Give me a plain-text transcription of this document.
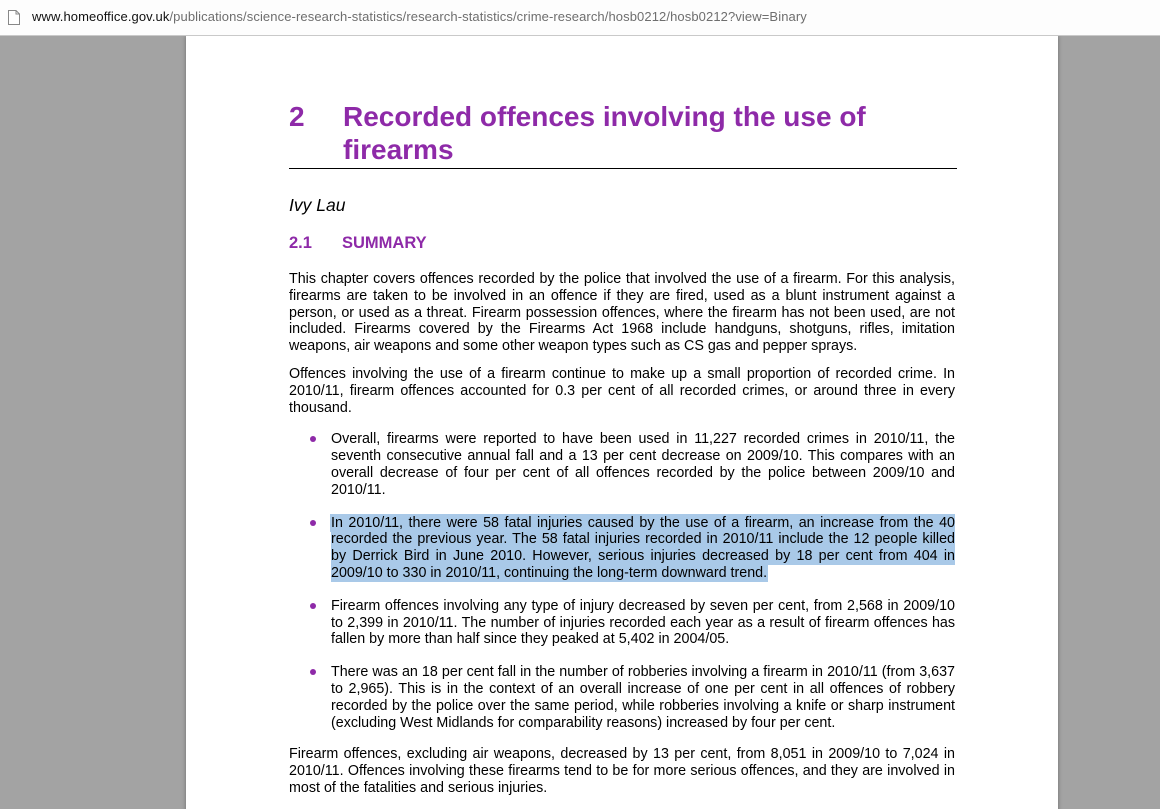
www.homeoffice.gov.uk/publications/science-research-statistics/research-statistics/crime-research/hosb0212/hosb0212?view=Binary
2	Recorded offences involving the use of firearms
Ivy Lau
2.1	SUMMARY

This chapter covers offences recorded by the police that involved the use of a firearm. For this analysis, firearms are taken to be involved in an offence if they are fired, used as a blunt instrument against a person, or used as a threat. Firearm possession offences, where the firearm has not been used, are not included. Firearms covered by the Firearms Act 1968 include handguns, shotguns, rifles, imitation weapons, air weapons and some other weapon types such as CS gas and pepper sprays.

Offences involving the use of a firearm continue to make up a small proportion of recorded crime. In 2010/11, firearm offences accounted for 0.3 per cent of all recorded crimes, or around three in every thousand.

Overall, firearms were reported to have been used in 11,227 recorded crimes in 2010/11, the seventh consecutive annual fall and a 13 per cent decrease on 2009/10. This compares with an overall decrease of four per cent of all offences recorded by the police between 2009/10 and 2010/11.

In 2010/11, there were 58 fatal injuries caused by the use of a firearm, an increase from the 40 recorded the previous year. The 58 fatal injuries recorded in 2010/11 include the 12 people killed by Derrick Bird in June 2010. However, serious injuries decreased by 18 per cent from 404 in 2009/10 to 330 in 2010/11, continuing the long-term downward trend.

Firearm offences involving any type of injury decreased by seven per cent, from 2,568 in 2009/10 to 2,399 in 2010/11. The number of injuries recorded each year as a result of firearm offences has fallen by more than half since they peaked at 5,402 in 2004/05.

There was an 18 per cent fall in the number of robberies involving a firearm in 2010/11 (from 3,637 to 2,965). This is in the context of an overall increase of one per cent in all offences of robbery recorded by the police over the same period, while robberies involving a knife or sharp instrument (excluding West Midlands for comparability reasons) increased by four per cent.

Firearm offences, excluding air weapons, decreased by 13 per cent, from 8,051 in 2009/10 to 7,024 in 2010/11. Offences involving these firearms tend to be for more serious offences, and they are involved in most of the fatalities and serious injuries.
